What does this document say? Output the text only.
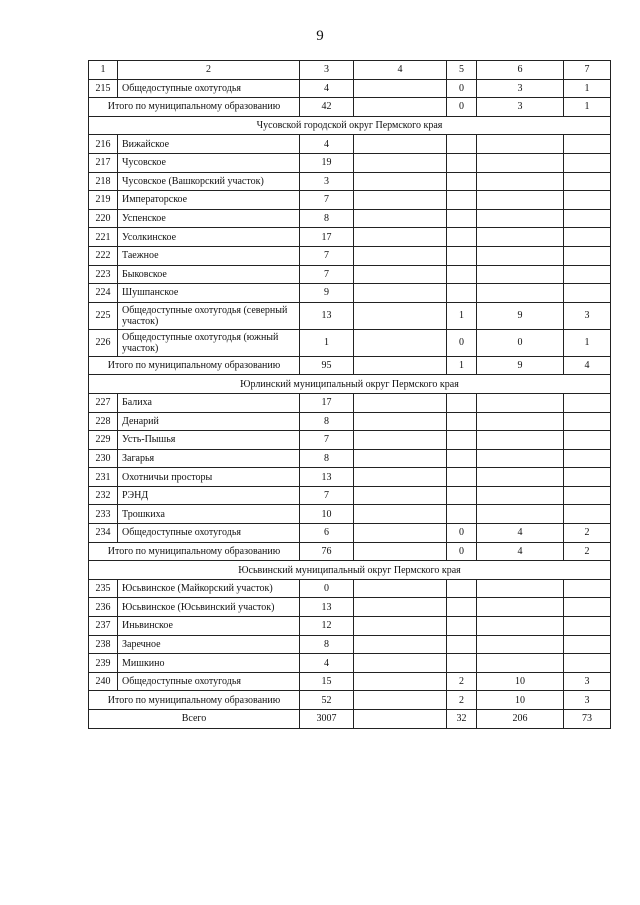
9
1	2	3	4	5	6	7
215	Общедоступные охотугодья	4		0	3	1
Итого по муниципальному образованию		42		0	3	1
Чусовской городской округ Пермского края						
216	Вижайское	4				
217	Чусовское	19				
218	Чусовское (Вашкорский участок)	3				
219	Императорское	7				
220	Успенское	8				
221	Усолкинское	17				
222	Таежное	7				
223	Быковское	7				
224	Шушпанское	9				
225	Общедоступные охотугодья (северный участок)	13		1	9	3
226	Общедоступные охотугодья (южный участок)	1		0	0	1
Итого по муниципальному образованию		95		1	9	4
Юрлинский муниципальный округ Пермского края						
227	Балиха	17				
228	Денарий	8				
229	Усть-Пышья	7				
230	Загарья	8				
231	Охотничьи просторы	13				
232	РЭНД	7				
233	Трошкиха	10				
234	Общедоступные охотугодья	6		0	4	2
Итого по муниципальному образованию		76		0	4	2
Юсьвинский муниципальный округ Пермского края						
235	Юсьвинское (Майкорский участок)	0				
236	Юсьвинское (Юсьвинский участок)	13				
237	Иньвинское	12				
238	Заречное	8				
239	Мишкино	4				
240	Общедоступные охотугодья	15		2	10	3
Итого по муниципальному образованию		52		2	10	3
Всего		3007		32	206	73
